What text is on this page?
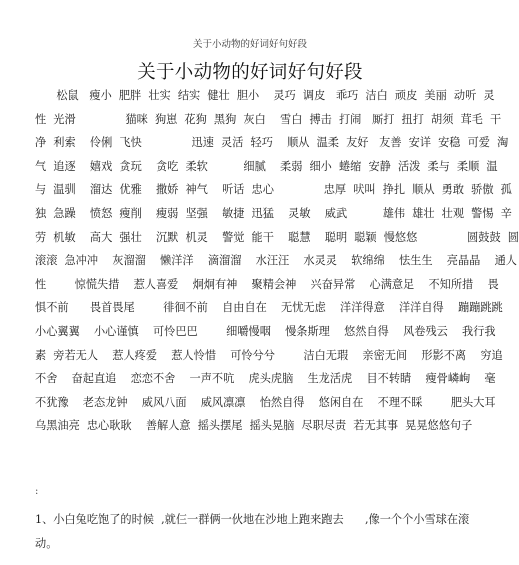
关于小动物的好词好句好段
关于小动物的好词好句好段
松鼠   瘦小  肥胖  壮实  结实  健壮  胆小    灵巧  调皮   乖巧  洁白  顽皮  美丽  动听  灵
性  光滑              猫咪  狗崽  花狗  黑狗  灰白    雪白  搏击  打闹   厮打  扭打  胡须  茸毛  干
净  利索    伶俐  飞快              迅速  灵活  轻巧    顺从  温柔  友好   友善  安详  安稳  可爱  淘
气  追逐    嬉戏  贪玩    贪吃  柔软          细腻    柔弱  细小  蜷缩  安静  活泼  柔与  柔顺  温
与  温驯    溜达  优雅    撒娇  神气    听话  忠心              忠厚  吠叫  挣扎  顺从  勇敢  骄傲  孤
独  急躁    愤怒  瘦削    瘦弱  坚强    敏捷  迅猛    灵敏    威武          雄伟  雄壮  壮观  警惕  辛
劳  机敏    高大  强壮    沉默  机灵    警觉  能干    聪慧    聪明  聪颖  慢悠悠              圆鼓鼓  圆
滚滚  急冲冲    灰溜溜    懒洋洋    滴溜溜    水汪汪    水灵灵    软绵绵    怯生生    亮晶晶    通人
性        惊慌失措    惹人喜爱    炯炯有神    聚精会神    兴奋异常    心满意足    不知所措    畏
惧不前      畏首畏尾        徘徊不前    自由自在    无忧无虑    洋洋得意    洋洋自得    蹦蹦跳跳
小心翼翼    小心谨慎    可怜巴巴        细嚼慢咽    慢条斯理    悠然自得    风卷残云    我行我
素  旁若无人    惹人疼爱    惹人怜惜    可怜兮兮        洁白无瑕    亲密无间    形影不离    穷追
不舍    奋起直追    恋恋不舍    一声不吭    虎头虎脑    生龙活虎    目不转睛    瘦骨嶙峋    毫
不犹豫    老态龙钟    威风八面    威风凛凛    怡然自得    悠闲自在    不理不睬        肥头大耳
乌黑油亮  忠心耿耿    善解人意  摇头摆尾  摇头晃脑  尽职尽责  若无其事  晃晃悠悠句子
:
1、小白兔吃饱了的时候  ,就仨一群俩一伙地在沙地上跑来跑去      ,像一个个小雪球在滚
动。
